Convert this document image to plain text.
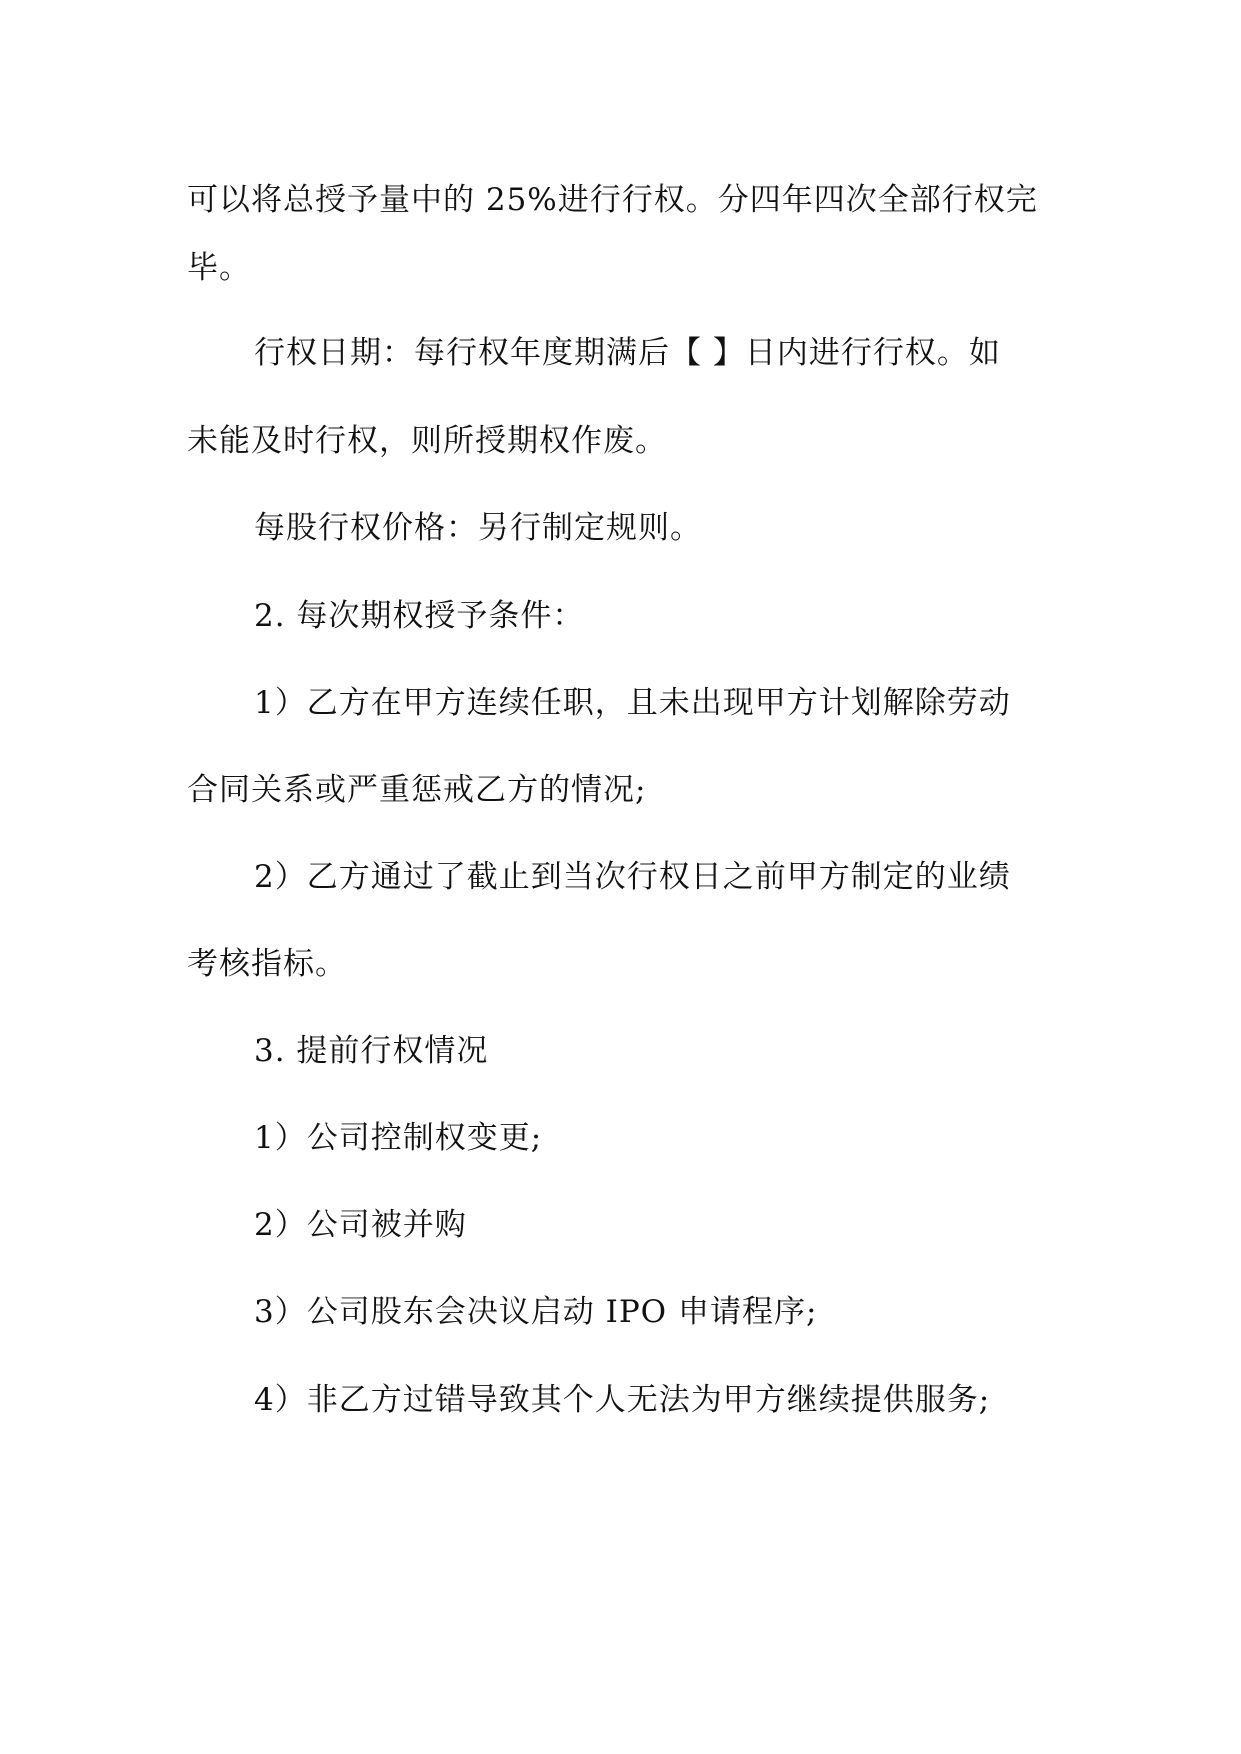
可以将总授予量中的 25%进行行权。分四年四次全部行权完
毕。
行权日期：每行权年度期满后【 】日内进行行权。如
未能及时行权，则所授期权作废。
每股行权价格：另行制定规则。
2. 每次期权授予条件：
1）乙方在甲方连续任职，且未出现甲方计划解除劳动
合同关系或严重惩戒乙方的情况;
2）乙方通过了截止到当次行权日之前甲方制定的业绩
考核指标。
3. 提前行权情况
1）公司控制权变更;
2）公司被并购
3）公司股东会决议启动 IPO 申请程序;
4）非乙方过错导致其个人无法为甲方继续提供服务;
